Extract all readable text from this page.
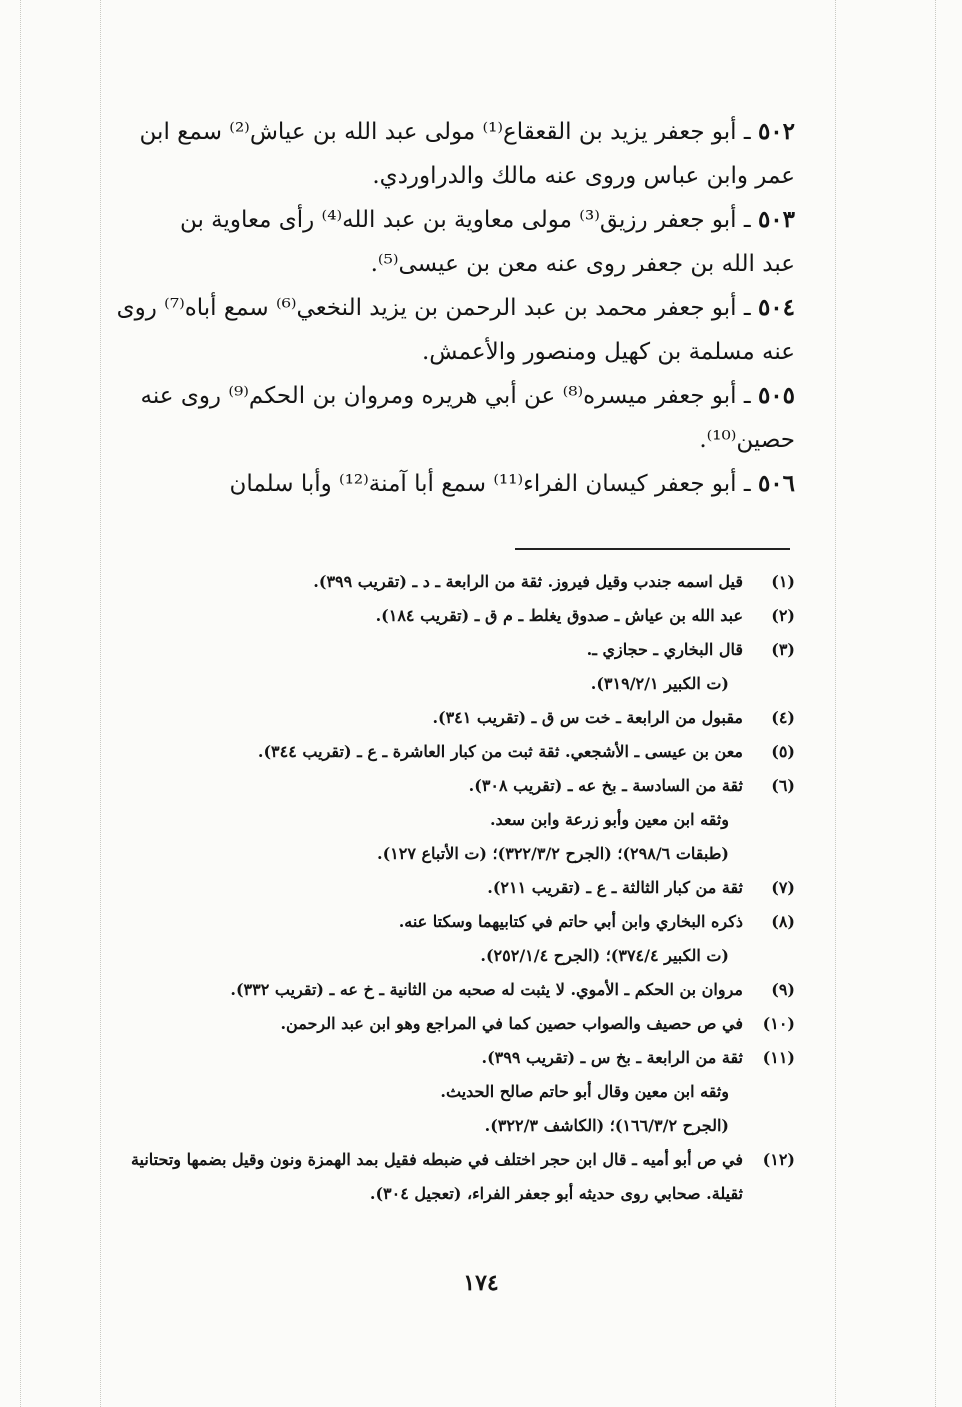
٥٠٢ ـ أبو جعفر يزيد بن القعقاع⁽¹⁾ مولى عبد الله بن عياش⁽²⁾ سمع ابن
عمر وابن عباس وروى عنه مالك والدراوردي.
٥٠٣ ـ أبو جعفر رزيق⁽³⁾ مولى معاوية بن عبد الله⁽⁴⁾ رأى معاوية بن
عبد الله بن جعفر روى عنه معن بن عيسى⁽⁵⁾.
٥٠٤ ـ أبو جعفر محمد بن عبد الرحمن بن يزيد النخعي⁽⁶⁾ سمع أباه⁽⁷⁾ روى
عنه مسلمة بن كهيل ومنصور والأعمش.
٥٠٥ ـ أبو جعفر ميسره⁽⁸⁾ عن أبي هريره ومروان بن الحكم⁽⁹⁾ روى عنه
حصين⁽¹⁰⁾.
٥٠٦ ـ أبو جعفر كيسان الفراء⁽¹¹⁾ سمع أبا آمنة⁽¹²⁾ وأبا سلمان
(١)
قيل اسمه جندب وقيل فيروز. ثقة من الرابعة ـ د ـ (تقريب ٣٩٩).
(٢)
عبد الله بن عياش ـ صدوق يغلط ـ م ق ـ (تقريب ١٨٤).
(٣)
قال البخاري ـ حجازي ـ.
(ت الكبير ٣١٩/٢/١).
(٤)
مقبول من الرابعة ـ خت س ق ـ (تقريب ٣٤١).
(٥)
معن بن عيسى ـ الأشجعي. ثقة ثبت من كبار العاشرة ـ ع ـ (تقريب ٣٤٤).
(٦)
ثقة من السادسة ـ بخ عه ـ (تقريب ٣٠٨).
وثقه ابن معين وأبو زرعة وابن سعد.
(طبقات ٢٩٨/٦)؛ (الجرح ٣٢٢/٣/٢)؛ (ت الأتباع ١٢٧).
(٧)
ثقة من كبار الثالثة ـ ع ـ (تقريب ٢١١).
(٨)
ذكره البخاري وابن أبي حاتم في كتابيهما وسكتا عنه.
(ت الكبير ٣٧٤/٤)؛ (الجرح ٢٥٢/١/٤).
(٩)
مروان بن الحكم ـ الأموي. لا يثبت له صحبه من الثانية ـ خ عه ـ (تقريب ٣٣٢).
(١٠)
في ص حصيف والصواب حصين كما في المراجع وهو ابن عبد الرحمن.
(١١)
ثقة من الرابعة ـ بخ س ـ (تقريب ٣٩٩).
وثقه ابن معين وقال أبو حاتم صالح الحديث.
(الجرح ١٦٦/٣/٢)؛ (الكاشف ٣٢٢/٣).
(١٢)
في ص أبو أميه ـ قال ابن حجر اختلف في ضبطه فقيل بمد الهمزة ونون وقيل بضمها وتحتانية
ثقيلة. صحابي روى حديثه أبو جعفر الفراء، (تعجيل ٣٠٤).
١٧٤
